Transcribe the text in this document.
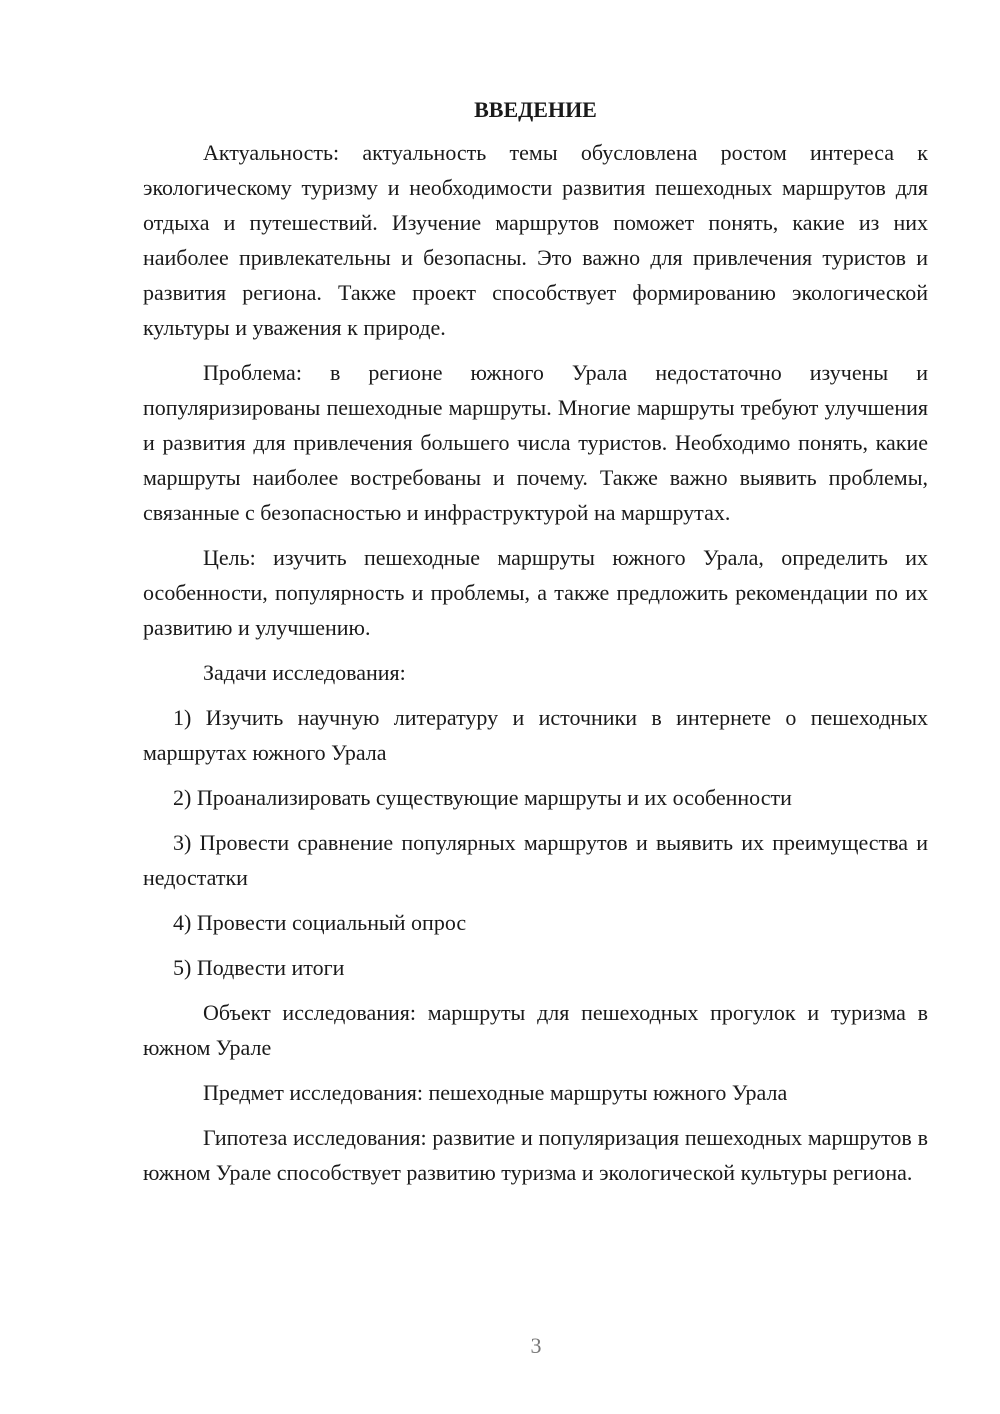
ВВЕДЕНИЕ

Актуальность: актуальность темы обусловлена ростом интереса к экологическому туризму и необходимости развития пешеходных маршрутов для отдыха и путешествий. Изучение маршрутов поможет понять, какие из них наиболее привлекательны и безопасны. Это важно для привлечения туристов и развития региона. Также проект способствует формированию экологической культуры и уважения к природе.

Проблема: в регионе южного Урала недостаточно изучены и популяризированы пешеходные маршруты. Многие маршруты требуют улучшения и развития для привлечения большего числа туристов. Необходимо понять, какие маршруты наиболее востребованы и почему. Также важно выявить проблемы, связанные с безопасностью и инфраструктурой на маршрутах.

Цель: изучить пешеходные маршруты южного Урала, определить их особенности, популярность и проблемы, а также предложить рекомендации по их развитию и улучшению.

Задачи исследования:

1) Изучить научную литературу и источники в интернете о пешеходных маршрутах южного Урала

2) Проанализировать существующие маршруты и их особенности

3) Провести сравнение популярных маршрутов и выявить их преимущества и недостатки

4) Провести социальный опрос

5) Подвести итоги

Объект исследования: маршруты для пешеходных прогулок и туризма в южном Урале

Предмет исследования: пешеходные маршруты южного Урала

Гипотеза исследования: развитие и популяризация пешеходных маршрутов в южном Урале способствует развитию туризма и экологической культуры региона.

3
